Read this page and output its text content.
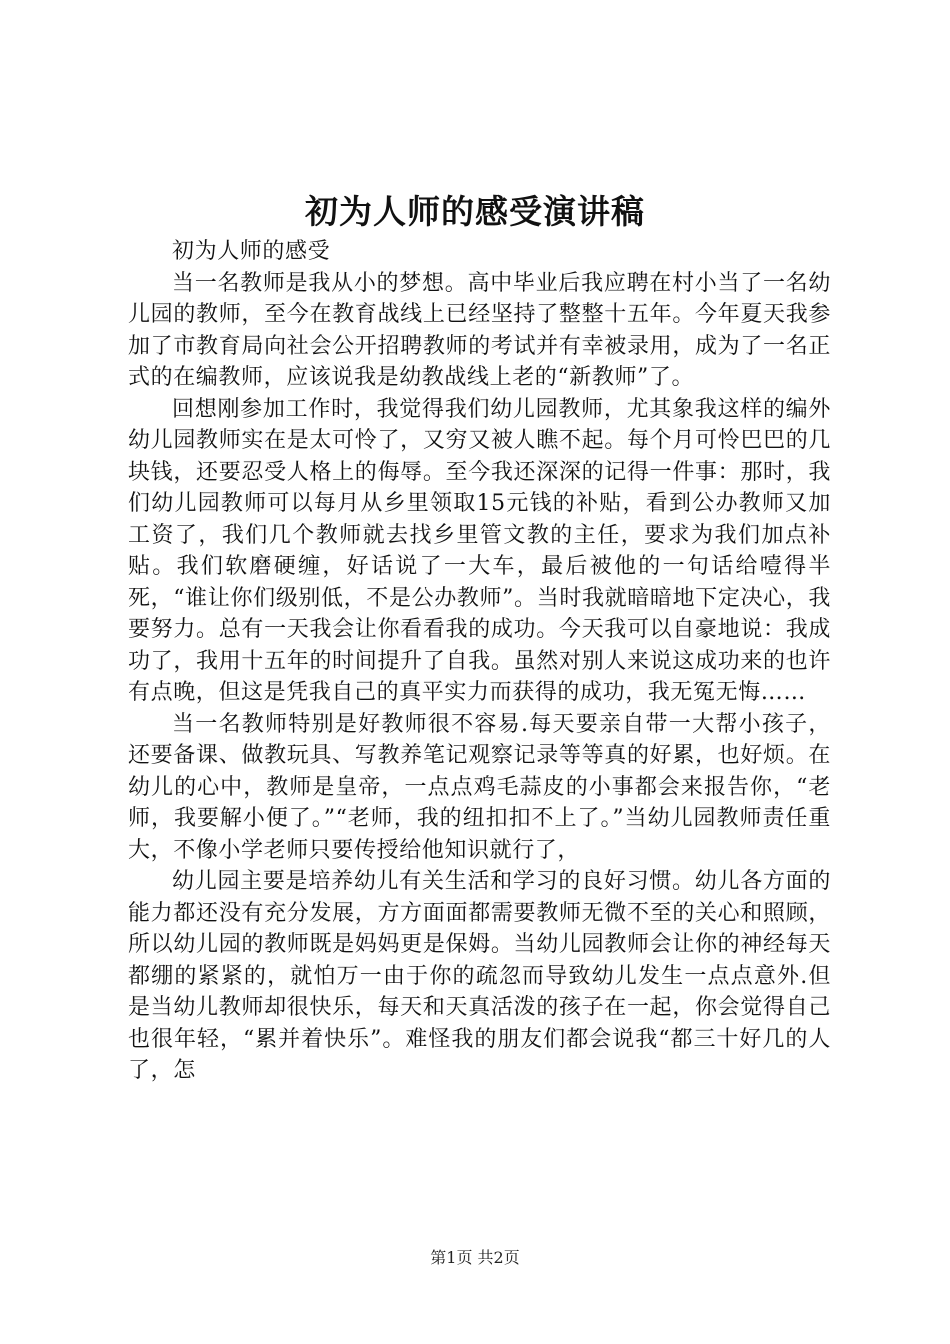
初为人师的感受演讲稿

初为人师的感受

当一名教师是我从小的梦想。高中毕业后我应聘在村小当了一名幼儿园的教师，至今在教育战线上已经坚持了整整十五年。今年夏天我参加了市教育局向社会公开招聘教师的考试并有幸被录用，成为了一名正式的在编教师，应该说我是幼教战线上老的“新教师”了。

回想刚参加工作时，我觉得我们幼儿园教师，尤其象我这样的编外幼儿园教师实在是太可怜了，又穷又被人瞧不起。每个月可怜巴巴的几块钱，还要忍受人格上的侮辱。至今我还深深的记得一件事：那时，我们幼儿园教师可以每月从乡里领取15元钱的补贴，看到公办教师又加工资了，我们几个教师就去找乡里管文教的主任，要求为我们加点补贴。我们软磨硬缠，好话说了一大车，最后被他的一句话给噎得半死，“谁让你们级别低，不是公办教师”。当时我就暗暗地下定决心，我要努力。总有一天我会让你看看我的成功。今天我可以自豪地说：我成功了，我用十五年的时间提升了自我。虽然对别人来说这成功来的也许有点晚，但这是凭我自己的真平实力而获得的成功，我无冤无悔……

当一名教师特别是好教师很不容易.每天要亲自带一大帮小孩子，还要备课、做教玩具、写教养笔记观察记录等等真的好累，也好烦。在幼儿的心中，教师是皇帝，一点点鸡毛蒜皮的小事都会来报告你，“老师，我要解小便了。”“老师，我的纽扣扣不上了。”当幼儿园教师责任重大，不像小学老师只要传授给他知识就行了，

幼儿园主要是培养幼儿有关生活和学习的良好习惯。幼儿各方面的能力都还没有充分发展，方方面面都需要教师无微不至的关心和照顾，所以幼儿园的教师既是妈妈更是保姆。当幼儿园教师会让你的神经每天都绷的紧紧的，就怕万一由于你的疏忽而导致幼儿发生一点点意外.但是当幼儿教师却很快乐，每天和天真活泼的孩子在一起，你会觉得自己也很年轻，“累并着快乐”。难怪我的朋友们都会说我“都三十好几的人了，怎

第1页 共2页
